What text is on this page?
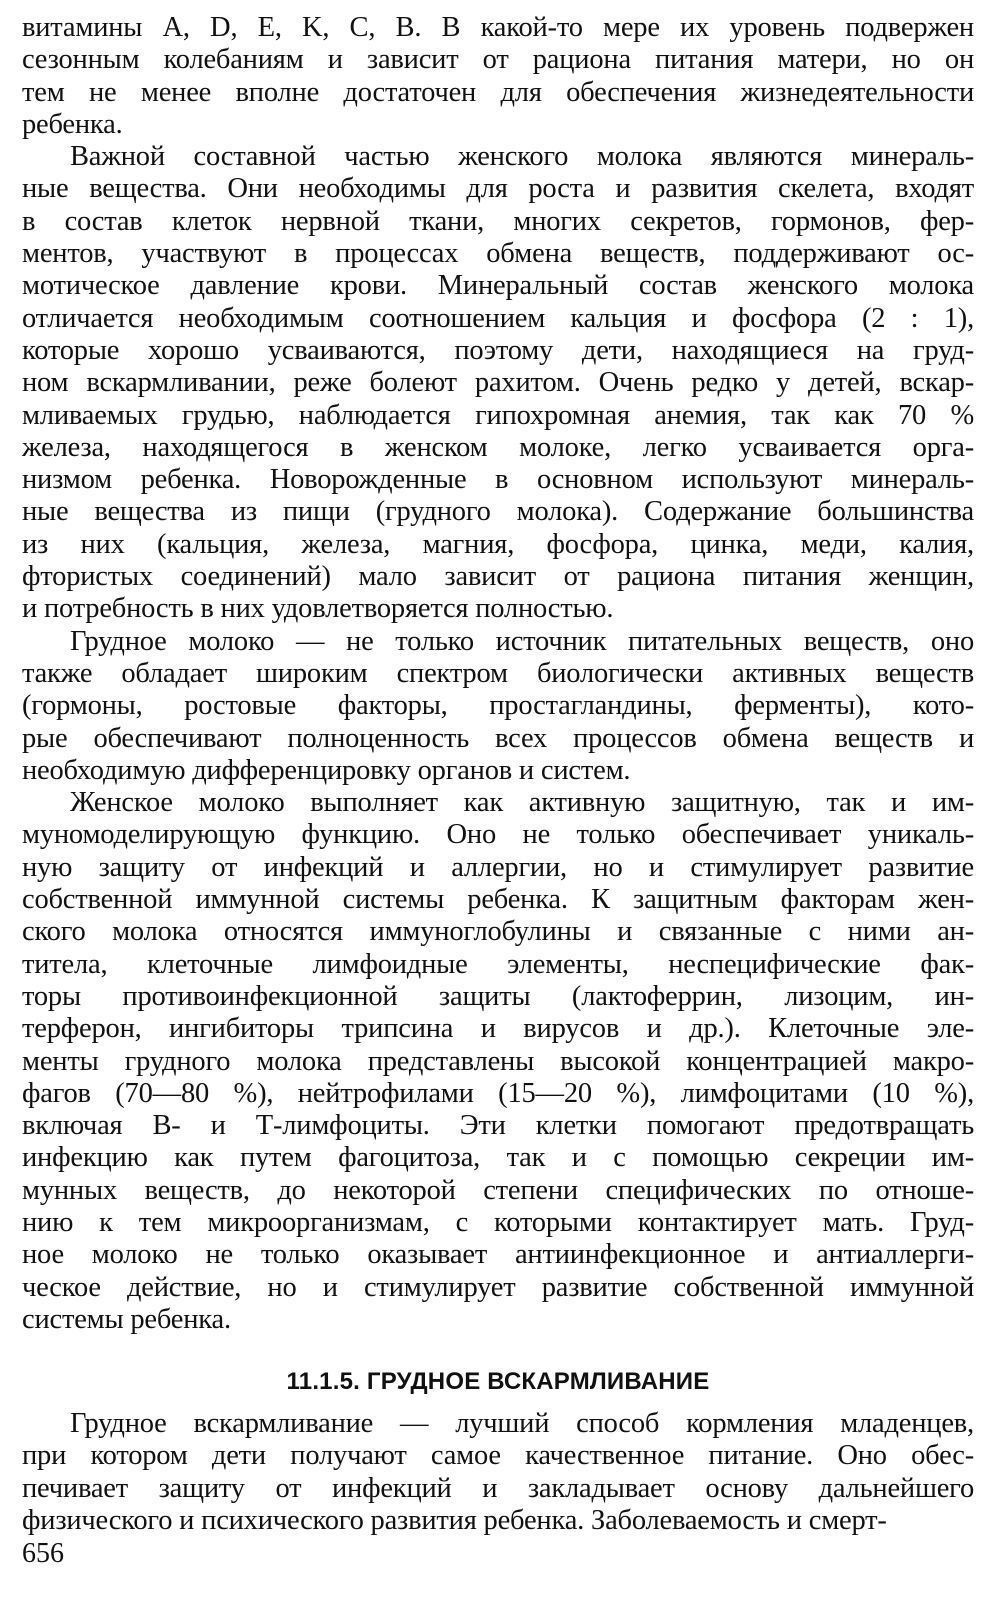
витамины А, D, Е, K, С, В. В какой-то мере их уровень подвержен
сезонным колебаниям и зависит от рациона питания матери, но он
тем не менее вполне достаточен для обеспечения жизнедеятельности
ребенка.
Важной составной частью женского молока являются минераль-
ные вещества. Они необходимы для роста и развития скелета, входят
в состав клеток нервной ткани, многих секретов, гормонов, фер-
ментов, участвуют в процессах обмена веществ, поддерживают ос-
мотическое давление крови. Минеральный состав женского молока
отличается необходимым соотношением кальция и фосфора (2 : 1),
которые хорошо усваиваются, поэтому дети, находящиеся на груд-
ном вскармливании, реже болеют рахитом. Очень редко у детей, вскар-
мливаемых грудью, наблюдается гипохромная анемия, так как 70 %
железа, находящегося в женском молоке, легко усваивается орга-
низмом ребенка. Новорожденные в основном используют минераль-
ные вещества из пищи (грудного молока). Содержание большинства
из них (кальция, железа, магния, фосфора, цинка, меди, калия,
фтористых соединений) мало зависит от рациона питания женщин,
и потребность в них удовлетворяется полностью.
Грудное молоко — не только источник питательных веществ, оно
также обладает широким спектром биологически активных веществ
(гормоны, ростовые факторы, простагландины, ферменты), кото-
рые обеспечивают полноценность всех процессов обмена веществ и
необходимую дифференцировку органов и систем.
Женское молоко выполняет как активную защитную, так и им-
муномоделирующую функцию. Оно не только обеспечивает уникаль-
ную защиту от инфекций и аллергии, но и стимулирует развитие
собственной иммунной системы ребенка. К защитным факторам жен-
ского молока относятся иммуноглобулины и связанные с ними ан-
титела, клеточные лимфоидные элементы, неспецифические фак-
торы противоинфекционной защиты (лактоферрин, лизоцим, ин-
терферон, ингибиторы трипсина и вирусов и др.). Клеточные эле-
менты грудного молока представлены высокой концентрацией макро-
фагов (70—80 %), нейтрофилами (15—20 %), лимфоцитами (10 %),
включая В- и Т-лимфоциты. Эти клетки помогают предотвращать
инфекцию как путем фагоцитоза, так и с помощью секреции им-
мунных веществ, до некоторой степени специфических по отноше-
нию к тем микроорганизмам, с которыми контактирует мать. Груд-
ное молоко не только оказывает антиинфекционное и антиаллерги-
ческое действие, но и стимулирует развитие собственной иммунной
системы ребенка.
11.1.5. ГРУДНОЕ ВСКАРМЛИВАНИЕ
Грудное вскармливание — лучший способ кормления младенцев,
при котором дети получают самое качественное питание. Оно обес-
печивает защиту от инфекций и закладывает основу дальнейшего
физического и психического развития ребенка. Заболеваемость и смерт-
656
